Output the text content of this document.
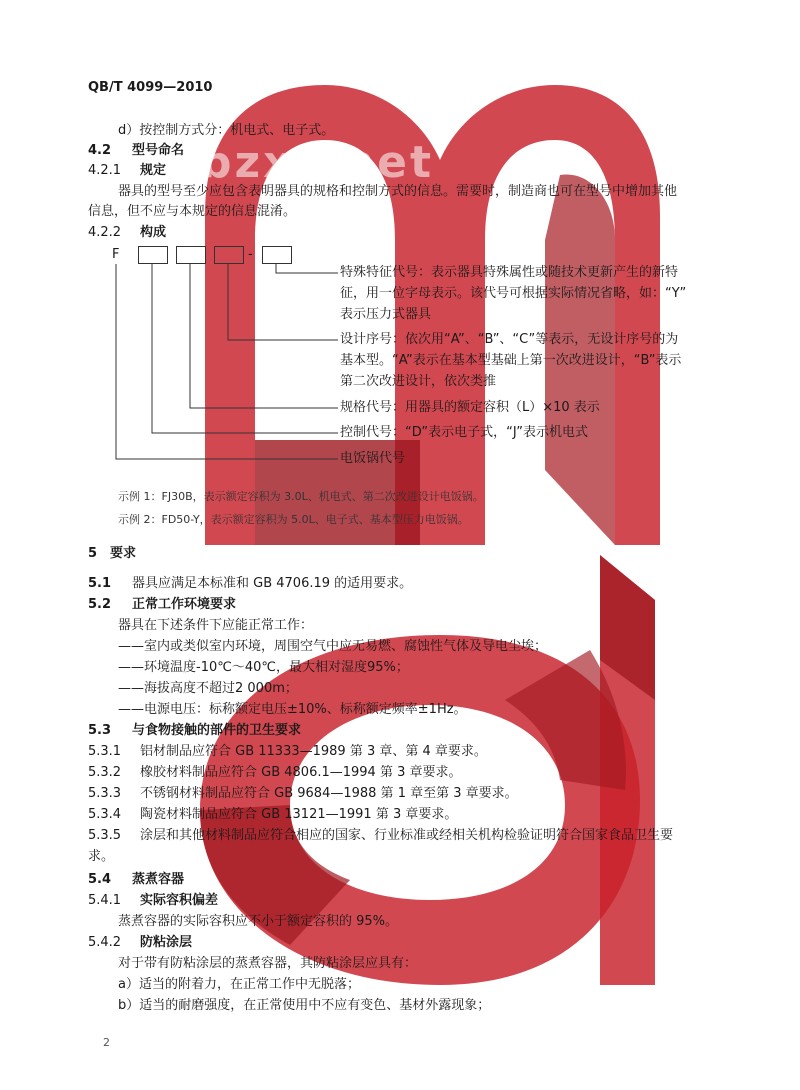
bzxz.net
QB/T 4099—2010
d）按控制方式分：机电式、电子式。
4.2 型号命名
4.2.1 规定
器具的型号至少应包含表明器具的规格和控制方式的信息。需要时，制造商也可在型号中增加其他
信息，但不应与本规定的信息混淆。
4.2.2 构成
F	-
特殊特征代号：表示器具特殊属性或随技术更新产生的新特
征，用一位字母表示。该代号可根据实际情况省略，如：“Y”
表示压力式器具
设计序号：依次用“A”、“B”、“C”等表示，无设计序号的为
基本型。“A”表示在基本型基础上第一次改进设计，“B”表示
第二次改进设计，依次类推
规格代号：用器具的额定容积（L）×10 表示
控制代号：“D”表示电子式，“J”表示机电式
电饭锅代号
示例 1：FJ30B，表示额定容积为 3.0L、机电式、第二次改进设计电饭锅。
示例 2：FD50-Y，表示额定容积为 5.0L、电子式、基本型压力电饭锅。
5 要求
5.1 器具应满足本标准和 GB 4706.19 的适用要求。
5.2 正常工作环境要求
器具在下述条件下应能正常工作：
——室内或类似室内环境，周围空气中应无易燃、腐蚀性气体及导电尘埃；
——环境温度-10℃～40℃，最大相对湿度95%；
——海拔高度不超过2 000m；
——电源电压：标称额定电压±10%、标称额定频率±1Hz。
5.3 与食物接触的部件的卫生要求
5.3.1 铝材制品应符合 GB 11333—1989 第 3 章、第 4 章要求。
5.3.2 橡胶材料制品应符合 GB 4806.1—1994 第 3 章要求。
5.3.3 不锈钢材料制品应符合 GB 9684—1988 第 1 章至第 3 章要求。
5.3.4 陶瓷材料制品应符合 GB 13121—1991 第 3 章要求。
5.3.5 涂层和其他材料制品应符合相应的国家、行业标准或经相关机构检验证明符合国家食品卫生要
求。
5.4 蒸煮容器
5.4.1 实际容积偏差
蒸煮容器的实际容积应不小于额定容积的 95%。
5.4.2 防粘涂层
对于带有防粘涂层的蒸煮容器，其防粘涂层应具有：
a）适当的附着力，在正常工作中无脱落；
b）适当的耐磨强度，在正常使用中不应有变色、基材外露现象；
2
